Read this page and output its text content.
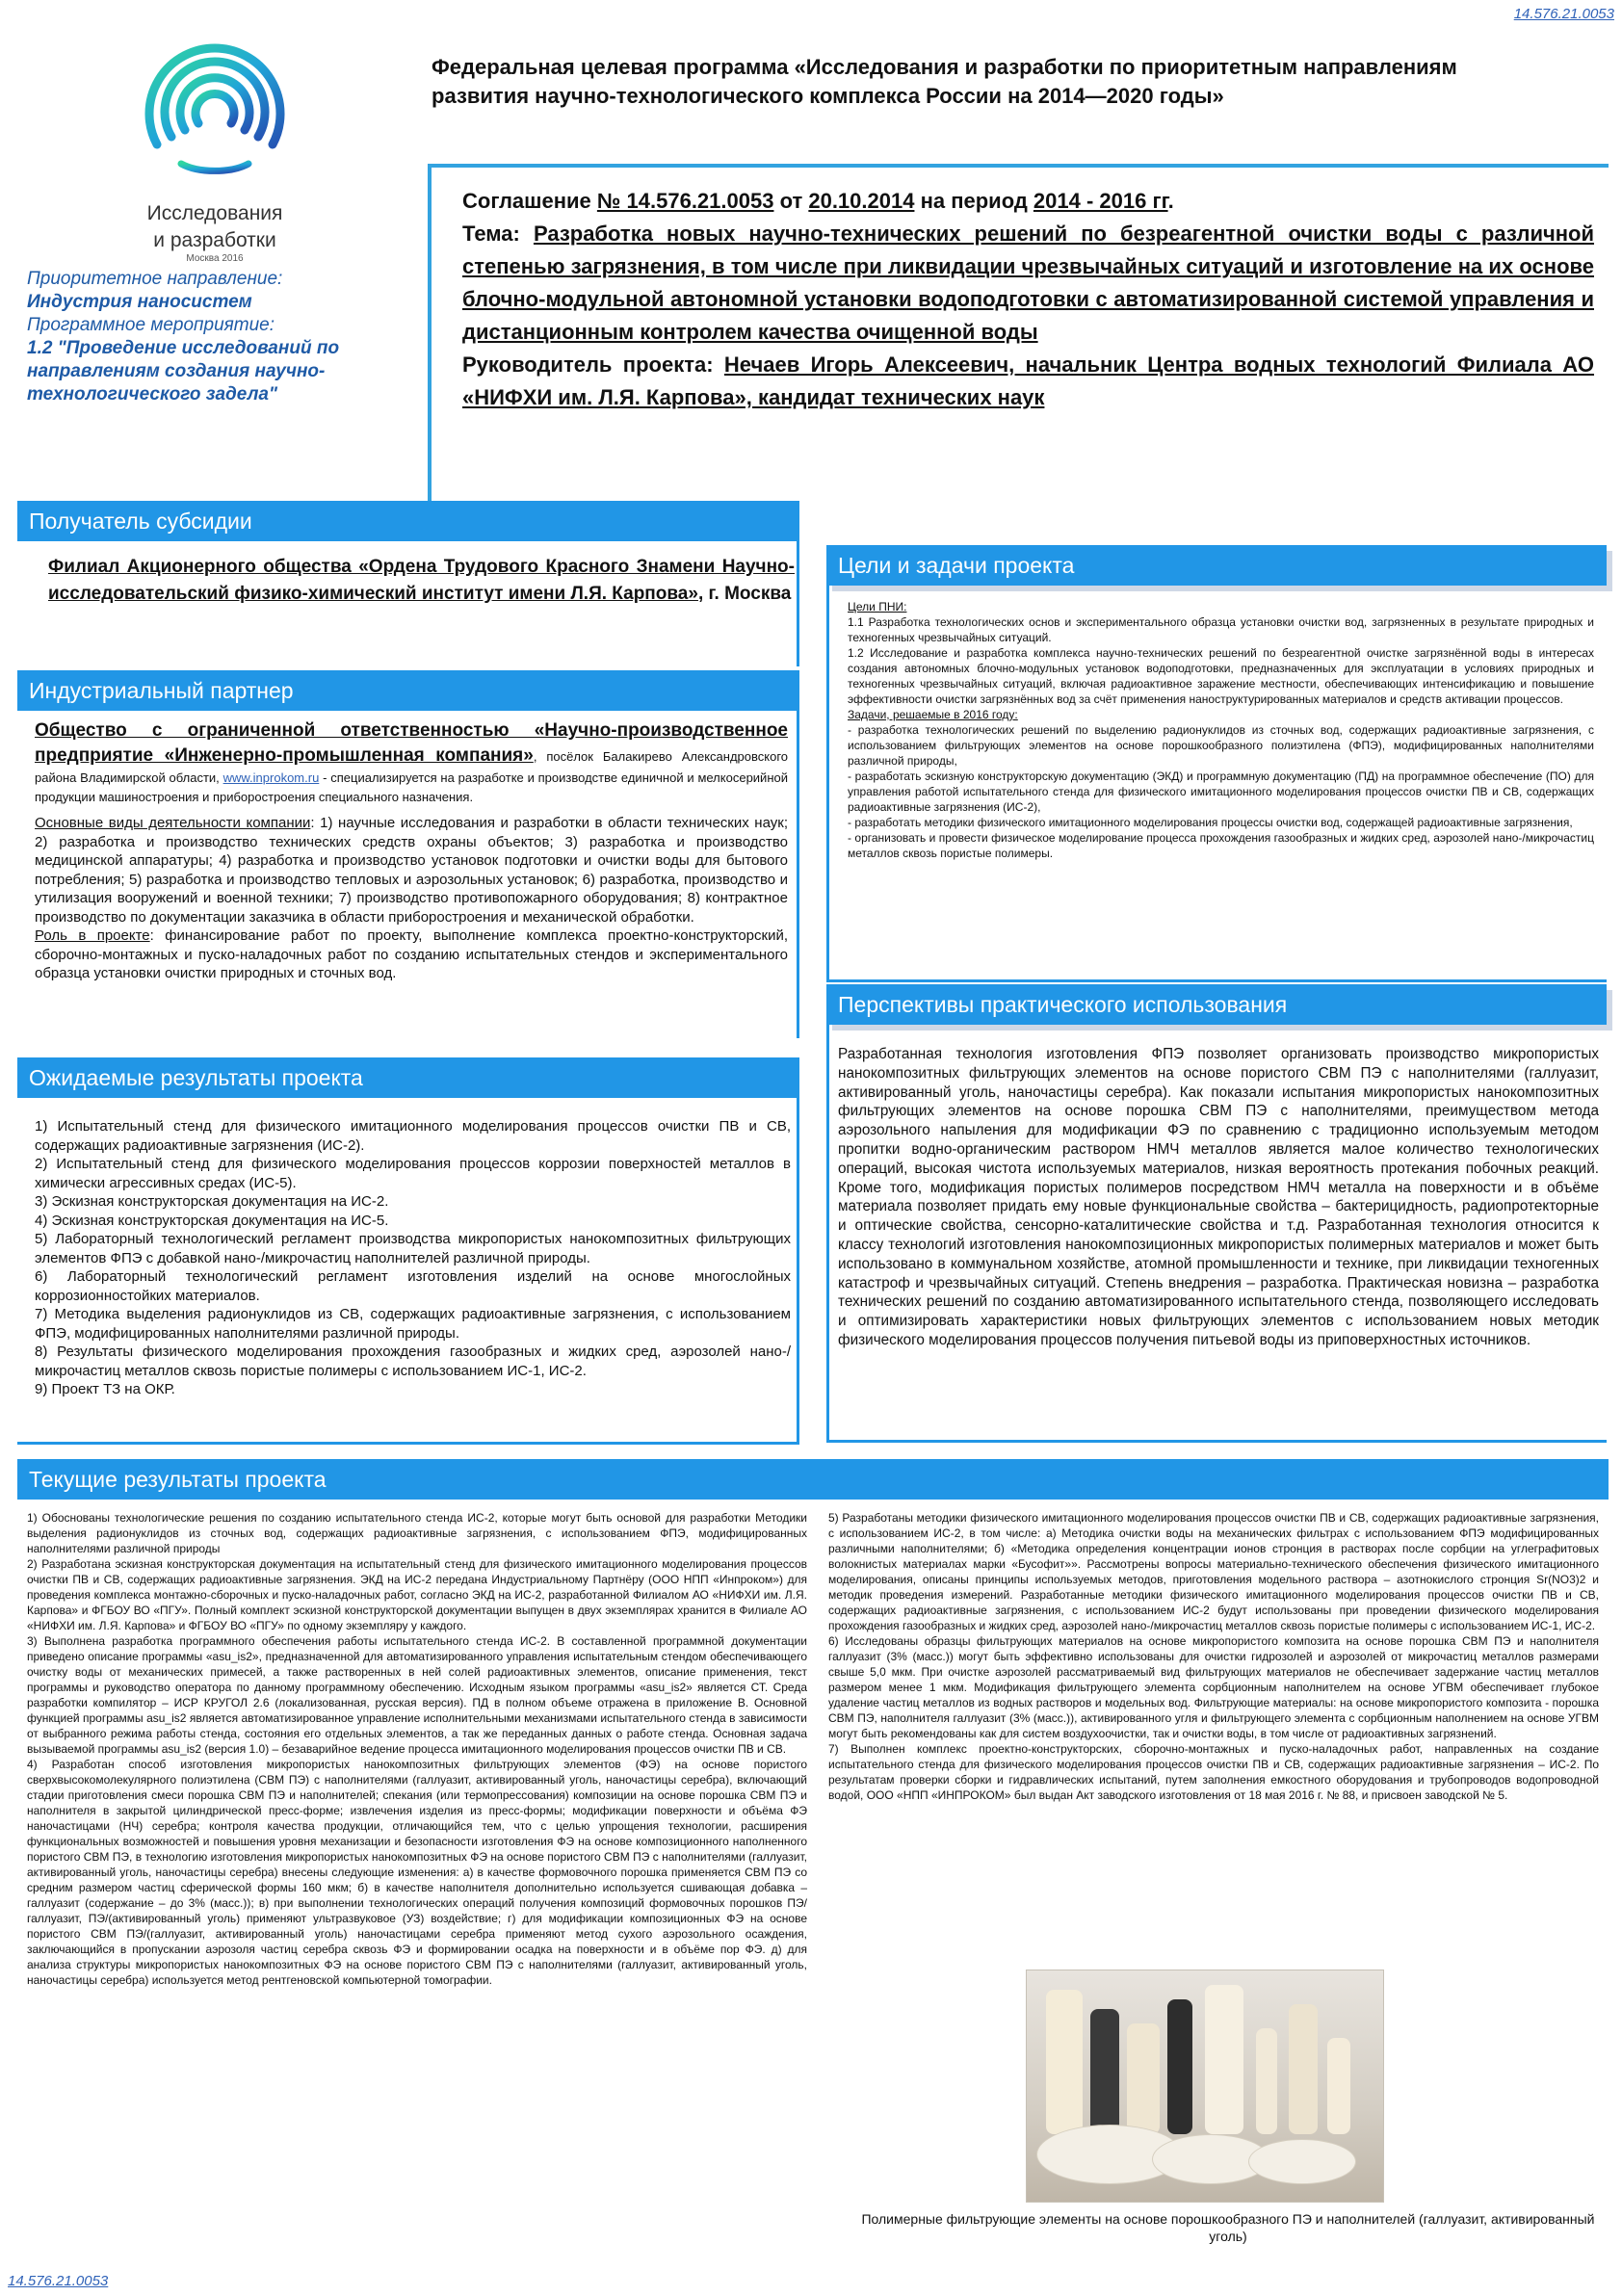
14.576.21.0053
14.576.21.0053
Исследования
и разработки
Москва 2016
Приоритетное направление:
Индустрия наносистем
Программное мероприятие:
1.2 "Проведение исследований по направлениям создания научно-технологического задела"
Федеральная целевая программа «Исследования и разработки по приоритетным направлениям развития научно-технологического комплекса России на 2014—2020 годы»
Соглашение № 14.576.21.0053 от 20.10.2014 на период 2014 - 2016 гг.
Тема: Разработка новых научно-технических решений по безреагентной очистки воды с различной степенью загрязнения, в том числе при ликвидации чрезвычайных ситуаций и изготовление на их основе блочно-модульной автономной установки водоподготовки с автоматизированной системой управления и дистанционным контролем качества очищенной воды
Руководитель проекта: Нечаев Игорь Алексеевич, начальник Центра водных технологий Филиала АО «НИФХИ им. Л.Я. Карпова», кандидат технических наук
Получатель субсидии
Филиал Акционерного общества «Ордена Трудового Красного Знамени Научно-исследовательский физико-химический институт имени Л.Я. Карпова», г. Москва
Индустриальный партнер
Общество с ограниченной ответственностью «Научно-производственное предприятие «Инженерно-промышленная компания», посёлок Балакирево Александровского района Владимирской области, www.inprokom.ru - специализируется на разработке и производстве единичной и мелкосерийной продукции машиностроения и приборостроения специального назначения.
Основные виды деятельности компании: 1) научные исследования и разработки в области технических наук; 2) разработка и производство технических средств охраны объектов; 3) разработка и производство медицинской аппаратуры; 4) разработка и производство установок подготовки и очистки воды для бытового потребления; 5) разработка и производство тепловых и аэрозольных установок; 6) разработка, производство и утилизация вооружений и военной техники; 7) производство противопожарного оборудования; 8) контрактное производство по документации заказчика в области приборостроения и механической обработки.
Роль в проекте: финансирование работ по проекту, выполнение комплекса проектно-конструкторский, сборочно-монтажных и пуско-наладочных работ по созданию испытательных стендов и экспериментального образца установки очистки природных и сточных вод.
Ожидаемые результаты проекта
1) Испытательный стенд для физического имитационного моделирования процессов очистки ПВ и СВ, содержащих радиоактивные загрязнения (ИС-2).
2) Испытательный стенд для физического моделирования процессов коррозии поверхностей металлов в химически агрессивных средах (ИС-5).
3) Эскизная конструкторская документация на ИС-2.
4) Эскизная конструкторская документация на ИС-5.
5) Лабораторный технологический регламент производства микропористых нанокомпозитных фильтрующих элементов ФПЭ с добавкой нано-/микрочастиц наполнителей различной природы.
6) Лабораторный технологический регламент изготовления изделий на основе многослойных коррозионностойких материалов.
7) Методика выделения радионуклидов из СВ, содержащих радиоактивные загрязнения, с использованием ФПЭ, модифицированных наполнителями различной природы.
8) Результаты физического моделирования прохождения газообразных и жидких сред, аэрозолей нано-/микрочастиц металлов сквозь пористые полимеры с использованием ИС-1, ИС-2.
9) Проект ТЗ на ОКР.
Цели и задачи проекта
Цели ПНИ:
1.1 Разработка технологических основ и экспериментального образца установки очистки вод, загрязненных в результате природных и техногенных чрезвычайных ситуаций.
1.2 Исследование и разработка комплекса научно-технических решений по безреагентной очистке загрязнённой воды в интересах создания автономных блочно-модульных установок водоподготовки, предназначенных для эксплуатации в условиях природных и техногенных чрезвычайных ситуаций, включая радиоактивное заражение местности, обеспечивающих интенсификацию и повышение эффективности очистки загрязнённых вод за счёт применения наноструктурированных материалов и средств активации процессов.
Задачи, решаемые в 2016 году:
- разработка технологических решений по выделению радионуклидов из сточных вод, содержащих радиоактивные загрязнения, с использованием фильтрующих элементов на основе порошкообразного полиэтилена (ФПЭ), модифицированных наполнителями различной природы,
- разработать эскизную конструкторскую документацию (ЭКД) и программную документацию (ПД) на программное обеспечение (ПО) для управления работой испытательного стенда для физического имитационного моделирования процессов очистки ПВ и СВ, содержащих радиоактивные загрязнения (ИС-2),
- разработать методики физического имитационного моделирования процессы очистки вод, содержащей радиоактивные загрязнения,
- организовать и провести физическое моделирование процесса прохождения газообразных и жидких сред, аэрозолей нано-/микрочастиц металлов сквозь пористые полимеры.
Перспективы практического использования
Разработанная технология изготовления ФПЭ позволяет организовать производство микропористых нанокомпозитных фильтрующих элементов на основе пористого СВМ ПЭ с наполнителями (галлуазит, активированный уголь, наночастицы серебра). Как показали испытания микропористых нанокомпозитных фильтрующих элементов на основе порошка СВМ ПЭ с наполнителями, преимуществом метода аэрозольного напыления для модификации ФЭ по сравнению с традиционно используемым методом пропитки водно-органическим раствором НМЧ металлов является малое количество технологических операций, высокая чистота используемых материалов, низкая вероятность протекания побочных реакций. Кроме того, модификация пористых полимеров посредством НМЧ металла на поверхности и в объёме материала позволяет придать ему новые функциональные свойства – бактерицидность, радиопротекторные и оптические свойства, сенсорно-каталитические свойства и т.д. Разработанная технология относится к классу технологий изготовления нанокомпозиционных микропористых полимерных материалов и может быть использовано в коммунальном хозяйстве, атомной промышленности и технике, при ликвидации техногенных катастроф и чрезвычайных ситуаций. Степень внедрения – разработка. Практическая новизна – разработка технических решений по созданию автоматизированного испытательного стенда, позволяющего исследовать и оптимизировать характеристики новых фильтрующих элементов с использованием новых методик физического моделирования процессов получения питьевой воды из приповерхностных источников.
Текущие результаты проекта
1) Обоснованы технологические решения по созданию испытательного стенда ИС-2, которые могут быть основой для разработки Методики выделения радионуклидов из сточных вод, содержащих радиоактивные загрязнения, с использованием ФПЭ, модифицированных наполнителями различной природы
2) Разработана эскизная конструкторская документация на испытательный стенд для физического имитационного моделирования процессов очистки ПВ и СВ, содержащих радиоактивные загрязнения. ЭКД на ИС-2 передана Индустриальному Партнёру (ООО НПП «Инпроком») для проведения комплекса монтажно-сборочных и пуско-наладочных работ, согласно ЭКД на ИС-2, разработанной Филиалом АО «НИФХИ им. Л.Я. Карпова» и ФГБОУ ВО «ПГУ». Полный комплект эскизной конструкторской документации выпущен в двух экземплярах хранится в Филиале АО «НИФХИ им. Л.Я. Карпова» и ФГБОУ ВО «ПГУ» по одному экземпляру у каждого.
3) Выполнена разработка программного обеспечения работы испытательного стенда ИС-2. В составленной программной документации приведено описание программы «asu_is2», предназначенной для автоматизированного управления испытательным стендом обеспечивающего очистку воды от механических примесей, а также растворенных в ней солей радиоактивных элементов, описание применения, текст программы и руководство оператора по данному программному обеспечению. Исходным языком программы «asu_is2» является СТ. Среда разработки компилятор – ИСР КРУГОЛ 2.6 (локализованная, русская версия). ПД в полном объеме отражена в приложение В. Основной функцией программы asu_is2 является автоматизированное управление исполнительными механизмами испытательного стенда в зависимости от выбранного режима работы стенда, состояния его отдельных элементов, а так же переданных данных о работе стенда. Основная задача вызываемой программы asu_is2 (версия 1.0) – безаварийное ведение процесса имитационного моделирования процессов очистки ПВ и СВ.
4) Разработан способ изготовления микропористых нанокомпозитных фильтрующих элементов (ФЭ) на основе пористого сверхвысокомолекулярного полиэтилена (СВМ ПЭ) с наполнителями (галлуазит, активированный уголь, наночастицы серебра), включающий стадии приготовления смеси порошка СВМ ПЭ и наполнителей; спекания (или термопрессования) композиции на основе порошка СВМ ПЭ и наполнителя в закрытой цилиндрической пресс-форме; извлечения изделия из пресс-формы; модификации поверхности и объёма ФЭ наночастицами (НЧ) серебра; контроля качества продукции, отличающийся тем, что с целью упрощения технологии, расширения функциональных возможностей и повышения уровня механизации и безопасности изготовления ФЭ на основе композиционного наполненного пористого СВМ ПЭ, в технологию изготовления микропористых нанокомпозитных ФЭ на основе пористого СВМ ПЭ с наполнителями (галлуазит, активированный уголь, наночастицы серебра) внесены следующие изменения: а) в качестве формовочного порошка применяется СВМ ПЭ со средним размером частиц сферической формы 160 мкм; б) в качестве наполнителя дополнительно используется сшивающая добавка – галлуазит (содержание – до 3% (масс.)); в) при выполнении технологических операций получения композиций формовочных порошков ПЭ/галлуазит, ПЭ/(активированный уголь) применяют ультразвуковое (УЗ) воздействие; г) для модификации композиционных ФЭ на основе пористого СВМ ПЭ/(галлуазит, активированный уголь) наночастицами серебра применяют метод сухого аэрозольного осаждения, заключающийся в пропускании аэрозоля частиц серебра сквозь ФЭ и формировании осадка на поверхности и в объёме пор ФЭ. д) для анализа структуры микропористых нанокомпозитных ФЭ на основе пористого СВМ ПЭ с наполнителями (галлуазит, активированный уголь, наночастицы серебра) используется метод рентгеновской компьютерной томографии.
5) Разработаны методики физического имитационного моделирования процессов очистки ПВ и СВ, содержащих радиоактивные загрязнения, с использованием ИС-2, в том числе: а) Методика очистки воды на механических фильтрах с использованием ФПЭ модифицированных различными наполнителями; б) «Методика определения концентрации ионов стронция в растворах после сорбции на углеграфитовых волокнистых материалах марки «Бусофит»». Рассмотрены вопросы материально-технического обеспечения физического имитационного моделирования, описаны принципы используемых методов, приготовления модельного раствора – азотнокислого стронция Sr(NO3)2 и методик проведения измерений. Разработанные методики физического имитационного моделирования процессов очистки ПВ и СВ, содержащих радиоактивные загрязнения, с использованием ИС-2 будут использованы при проведении физического моделирования прохождения газообразных и жидких сред, аэрозолей нано-/микрочастиц металлов сквозь пористые полимеры с использованием ИС-1, ИС-2.
6) Исследованы образцы фильтрующих материалов на основе микропористого композита на основе порошка СВМ ПЭ и наполнителя галлуазит (3% (масс.)) могут быть эффективно использованы для очистки гидрозолей и аэрозолей от микрочастиц металлов размерами свыше 5,0 мкм. При очистке аэрозолей рассматриваемый вид фильтрующих материалов не обеспечивает задержание частиц металлов размером менее 1 мкм. Модификация фильтрующего элемента сорбционным наполнителем на основе УГВМ обеспечивает глубокое удаление частиц металлов из водных растворов и модельных вод. Фильтрующие материалы: на основе микропористого композита - порошка СВМ ПЭ, наполнителя галлуазит (3% (масс.)), активированного угля и фильтрующего элемента с сорбционным наполнением на основе УГВМ могут быть рекомендованы как для систем воздухоочистки, так и очистки воды, в том числе от радиоактивных загрязнений.
7) Выполнен комплекс проектно-конструкторских, сборочно-монтажных и пуско-наладочных работ, направленных на создание испытательного стенда для физического моделирования процессов очистки ПВ и СВ, содержащих радиоактивные загрязнения – ИС-2. По результатам проверки сборки и гидравлических испытаний, путем заполнения емкостного оборудования и трубопроводов водопроводной водой, ООО «НПП «ИНПРОКОМ» был выдан Акт заводского изготовления от 18 мая 2016 г. № 88, и присвоен заводской № 5.
Полимерные фильтрующие элементы на основе порошкообразного ПЭ и наполнителей (галлуазит, активированный уголь)
